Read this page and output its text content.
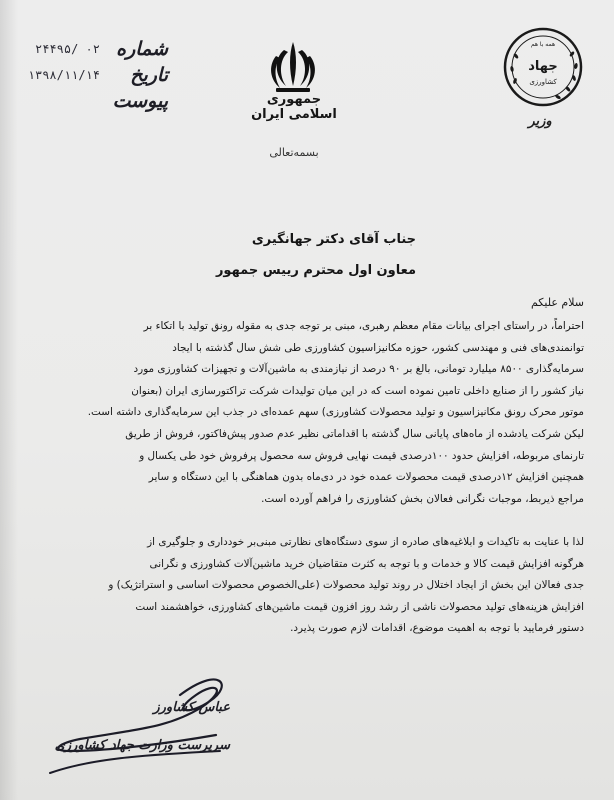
شماره
۲۴۴۹۵/ ۰۲
تاریخ
۱۳۹۸/۱۱/۱۴
پیوست	جمهوری اسلامی ایران
بسمه‌تعالی
همه با هم
جهاد
کشاورزی
وزیر
جناب آقای دکتر جهانگیری
معاون اول محترم رییس جمهور
سلام علیکم
احتراماً، در راستای اجرای بیانات مقام معظم رهبری، مبنی بر توجه جدی به مقوله رونق تولید با اتکاء بر
توانمندی‌های فنی و مهندسی کشور، حوزه مکانیزاسیون کشاورزی طی شش سال گذشته با ایجاد
سرمایه‌گذاری ۸۵۰۰ میلیارد تومانی، بالغ بر ۹۰ درصد از نیازمندی به ماشین‌آلات و تجهیزات کشاورزی مورد
نیاز کشور را از صنایع داخلی تامین نموده است که در این میان تولیدات شرکت تراکتورسازی ایران (بعنوان
موتور محرک رونق مکانیزاسیون و تولید محصولات کشاورزی) سهم عمده‌ای در جذب این سرمایه‌گذاری داشته است.
لیکن شرکت یادشده از ماه‌های پایانی سال گذشته با اقداماتی نظیر عدم صدور پیش‌فاکتور، فروش از طریق
تارنمای مربوطه، افزایش حدود ۱۰۰درصدی قیمت نهایی فروش سه محصول پرفروش خود طی یکسال و
همچنین افزایش ۱۲درصدی قیمت محصولات عمده خود در دی‌ماه بدون هماهنگی با این دستگاه و سایر
مراجع ذیربط، موجبات نگرانی فعالان بخش کشاورزی را فراهم آورده است.
لذا با عنایت به تاکیدات و ابلاغیه‌های صادره از سوی دستگاه‌های نظارتی مبنی‌بر خودداری و جلوگیری از
هرگونه افزایش قیمت کالا و خدمات و با توجه به کثرت متقاضیان خرید ماشین‌آلات کشاورزی و نگرانی
جدی فعالان این بخش از ایجاد اختلال در روند تولید محصولات (علی‌الخصوص محصولات اساسی و استراتژیک) و
افزایش هزینه‌های تولید محصولات ناشی از رشد روز افزون قیمت ماشین‌های کشاورزی، خواهشمند است
دستور فرمایید با توجه به اهمیت موضوع، اقدامات لازم صورت پذیرد.
عباس کشاورز
سرپرست وزارت جهاد کشاورزی
